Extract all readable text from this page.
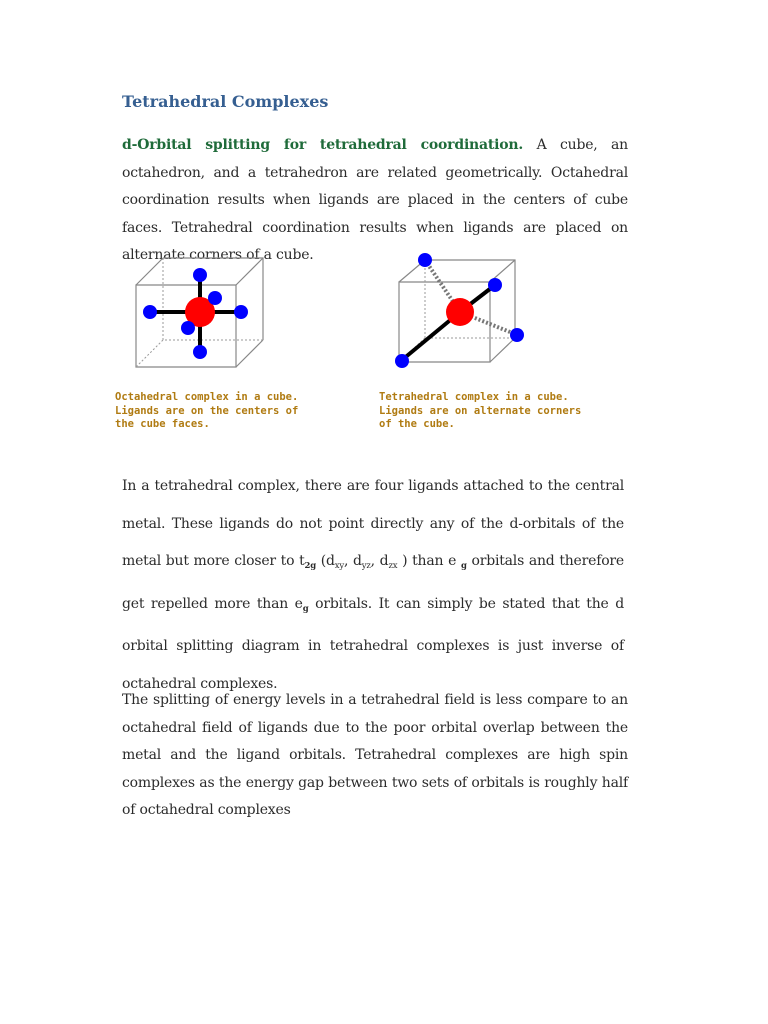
Tetrahedral Complexes
d-Orbital splitting for tetrahedral coordination. A cube, an octahedron, and a tetrahedron are related geometrically. Octahedral coordination results when ligands are placed in the centers of cube faces. Tetrahedral coordination results when ligands are placed on alternate corners of a cube.
Octahedral complex in a cube.
Ligands are on the centers of
the cube faces.
Tetrahedral complex in a cube.
Ligands are on alternate corners
of the cube.
In a tetrahedral complex, there are four ligands attached to the central metal. These ligands do not point directly any of the d-orbitals of the metal but more closer to $t_{2g}$ ($d_{xy}$, $d_{yz}$, $d_{zx}$ ) than e $_g$ orbitals and therefore get repelled more than $e_g$ orbitals. It can simply be stated that the d orbital splitting diagram in tetrahedral complexes is just inverse of octahedral complexes.
The splitting of energy levels in a tetrahedral field is less compare to an octahedral field of ligands due to the poor orbital overlap between the metal and the ligand orbitals. Tetrahedral complexes are high spin complexes as the energy gap between two sets of orbitals is roughly half of octahedral complexes
